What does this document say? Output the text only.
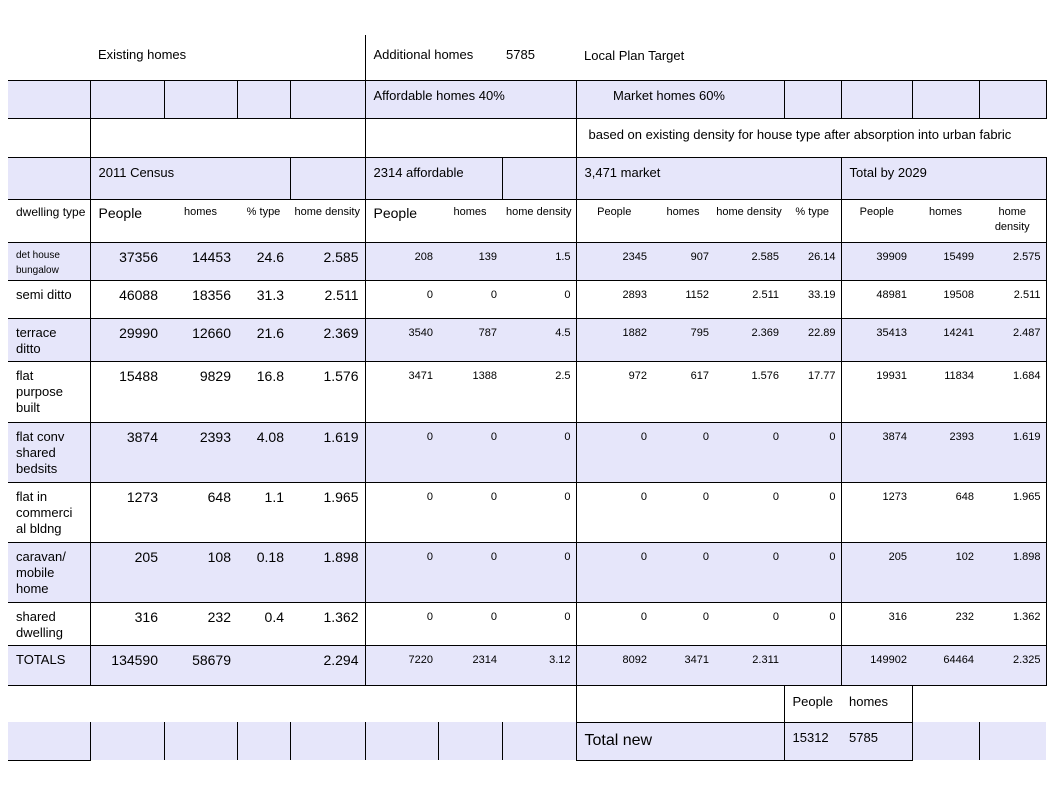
	Existing homes				Additional homes		5785	Local Plan Target						
					Affordable homes 40%			Market homes 60%						
								based on existing density for house type after absorption into urban fabric						
	2011 Census				2314 affordable			3,471 market				Total by 2029		
dwelling type	People	homes	% type	home density	People	homes	home density	People	homes	home density	% type	People	homes	home density
det house bungalow	37356	14453	24.6	2.585	208	139	1.5	2345	907	2.585	26.14	39909	15499	2.575
semi ditto	46088	18356	31.3	2.511	0	0	0	2893	1152	2.511	33.19	48981	19508	2.511
terrace ditto	29990	12660	21.6	2.369	3540	787	4.5	1882	795	2.369	22.89	35413	14241	2.487
flat purpose built	15488	9829	16.8	1.576	3471	1388	2.5	972	617	1.576	17.77	19931	11834	1.684
flat conv shared bedsits	3874	2393	4.08	1.619	0	0	0	0	0	0	0	3874	2393	1.619
flat in commerci al bldng	1273	648	1.1	1.965	0	0	0	0	0	0	0	1273	648	1.965
caravan/ mobile home	205	108	0.18	1.898	0	0	0	0	0	0	0	205	102	1.898
shared dwelling	316	232	0.4	1.362	0	0	0	0	0	0	0	316	232	1.362
TOTALS	134590	58679		2.294	7220	2314	3.12	8092	3471	2.311		149902	64464	2.325
											People	homes		
								Total new			15312	5785		
